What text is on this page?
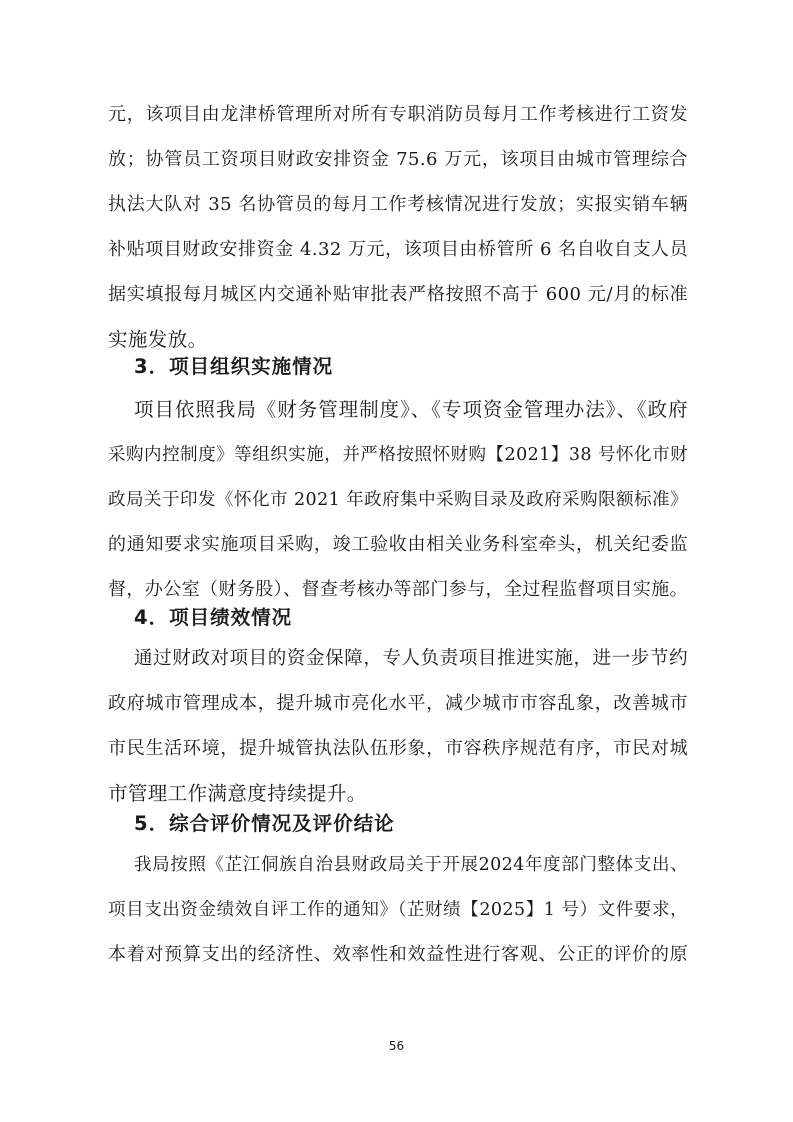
元，该项目由龙津桥管理所对所有专职消防员每月工作考核进行工资发
放；协管员工资项目财政安排资金 75.6 万元，该项目由城市管理综合
执法大队对 35 名协管员的每月工作考核情况进行发放；实报实销车辆
补贴项目财政安排资金 4.32 万元，该项目由桥管所 6 名自收自支人员
据实填报每月城区内交通补贴审批表严格按照不高于 600 元/月的标准
实施发放。
3．项目组织实施情况
项目依照我局《财务管理制度》、《专项资金管理办法》、《政府
采购内控制度》等组织实施，并严格按照怀财购【2021】38 号怀化市财
政局关于印发《怀化市 2021 年政府集中采购目录及政府采购限额标准》
的通知要求实施项目采购，竣工验收由相关业务科室牵头，机关纪委监
督，办公室（财务股）、督查考核办等部门参与，全过程监督项目实施。
4．项目绩效情况
通过财政对项目的资金保障，专人负责项目推进实施，进一步节约
政府城市管理成本，提升城市亮化水平，减少城市市容乱象，改善城市
市民生活环境，提升城管执法队伍形象，市容秩序规范有序，市民对城
市管理工作满意度持续提升。
5．综合评价情况及评价结论
我局按照《芷江侗族自治县财政局关于开展2024年度部门整体支出、
项目支出资金绩效自评工作的通知》（芷财绩【2025】1 号）文件要求，
本着对预算支出的经济性、效率性和效益性进行客观、公正的评价的原
56
